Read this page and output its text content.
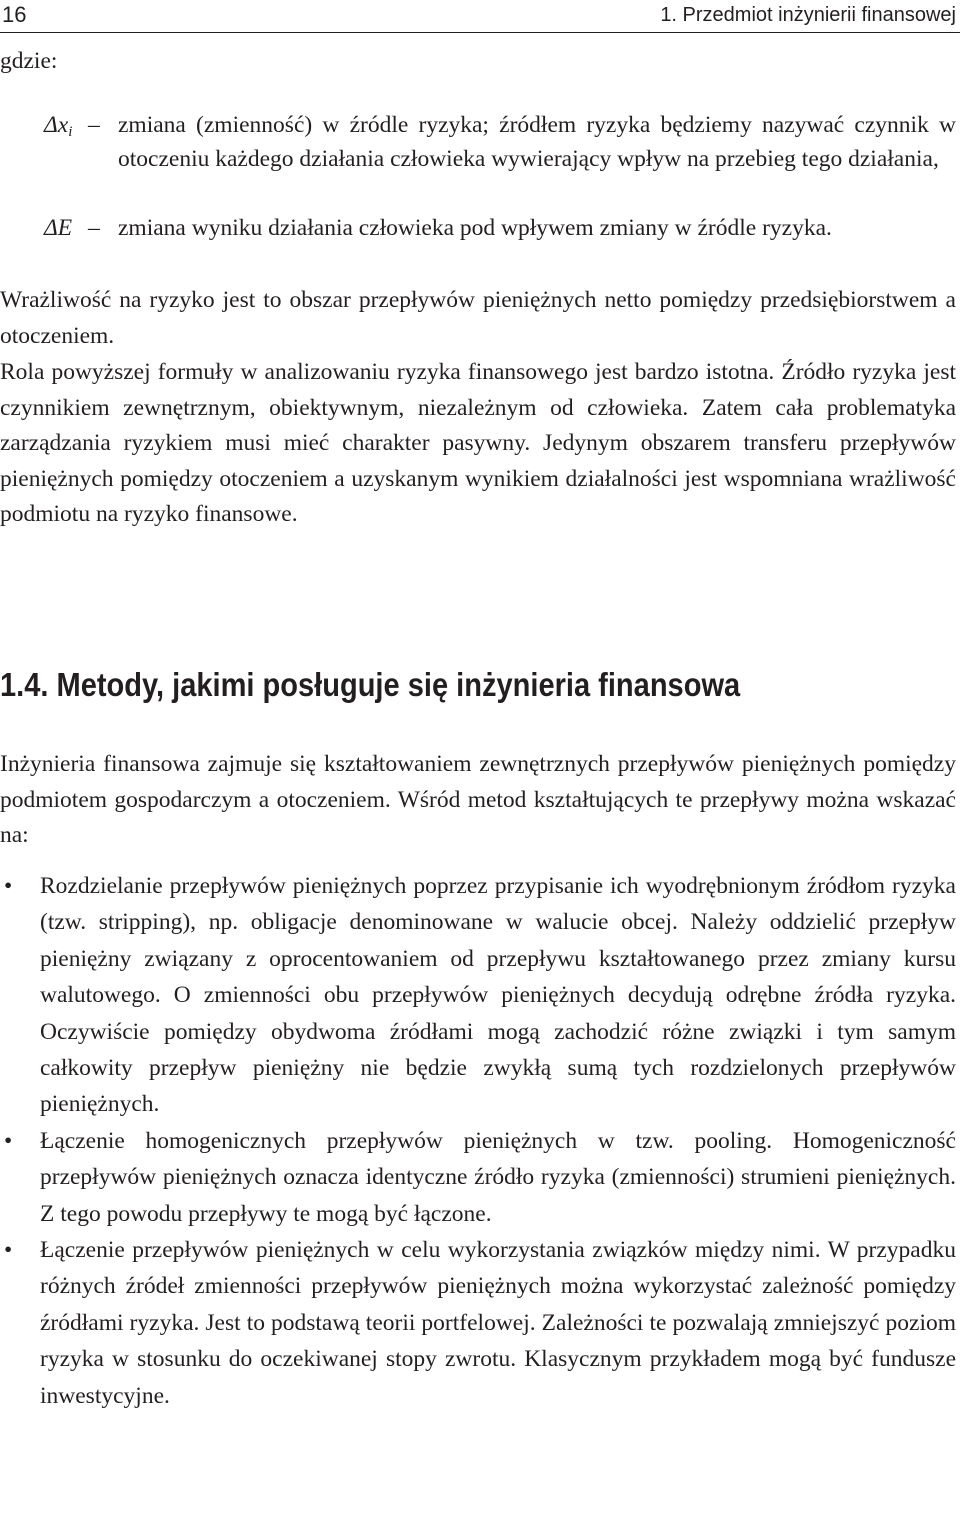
16	1. Przedmiot inżynierii finansowej
gdzie:
$\Delta x_i$ – zmiana (zmienność) w źródle ryzyka; źródłem ryzyka będziemy nazywać czynnik w otoczeniu każdego działania człowieka wywierający wpływ na przebieg tego działania,
ΔE – zmiana wyniku działania człowieka pod wpływem zmiany w źródle ryzyka.

Wrażliwość na ryzyko jest to obszar przepływów pieniężnych netto pomiędzy przedsiębiorstwem a otoczeniem.

Rola powyższej formuły w analizowaniu ryzyka finansowego jest bardzo istotna. Źródło ryzyka jest czynnikiem zewnętrznym, obiektywnym, niezależnym od człowieka. Zatem cała problematyka zarządzania ryzykiem musi mieć charakter pasywny. Jedynym obszarem transferu przepływów pieniężnych pomiędzy otoczeniem a uzyskanym wynikiem działalności jest wspomniana wrażliwość podmiotu na ryzyko finansowe.

1.4. Metody, jakimi posługuje się inżynieria finansowa

Inżynieria finansowa zajmuje się kształtowaniem zewnętrznych przepływów pieniężnych pomiędzy podmiotem gospodarczym a otoczeniem. Wśród metod kształtujących te przepływy można wskazać na:

• Rozdzielanie przepływów pieniężnych poprzez przypisanie ich wyodrębnionym źródłom ryzyka (tzw. stripping), np. obligacje denominowane w walucie obcej. Należy oddzielić przepływ pieniężny związany z oprocentowaniem od przepływu kształtowanego przez zmiany kursu walutowego. O zmienności obu przepływów pieniężnych decydują odrębne źródła ryzyka. Oczywiście pomiędzy obydwoma źródłami mogą zachodzić różne związki i tym samym całkowity przepływ pieniężny nie będzie zwykłą sumą tych rozdzielonych przepływów pieniężnych.
• Łączenie homogenicznych przepływów pieniężnych w tzw. pooling. Homogeniczność przepływów pieniężnych oznacza identyczne źródło ryzyka (zmienności) strumieni pieniężnych. Z tego powodu przepływy te mogą być łączone.
• Łączenie przepływów pieniężnych w celu wykorzystania związków między nimi. W przypadku różnych źródeł zmienności przepływów pieniężnych można wykorzystać zależność pomiędzy źródłami ryzyka. Jest to podstawą teorii portfelowej. Zależności te pozwalają zmniejszyć poziom ryzyka w stosunku do oczekiwanej stopy zwrotu. Klasycznym przykładem mogą być fundusze inwestycyjne.
